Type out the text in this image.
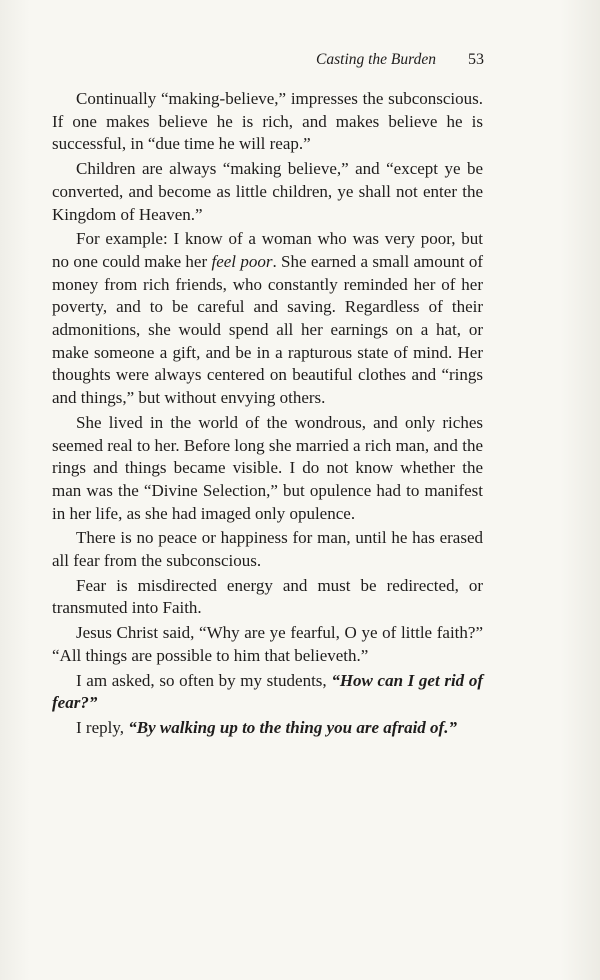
Casting the Burden 53

Continually “making-believe,” impresses the subconscious. If one makes believe he is rich, and makes believe he is successful, in “due time he will reap.”

Children are always “making believe,” and “except ye be converted, and become as little children, ye shall not enter the Kingdom of Heaven.”

For example: I know of a woman who was very poor, but no one could make her feel poor. She earned a small amount of money from rich friends, who constantly reminded her of her poverty, and to be careful and saving. Regardless of their admonitions, she would spend all her earnings on a hat, or make someone a gift, and be in a rapturous state of mind. Her thoughts were always centered on beautiful clothes and “rings and things,” but without envying others.

She lived in the world of the wondrous, and only riches seemed real to her. Before long she married a rich man, and the rings and things became visible. I do not know whether the man was the “Divine Selection,” but opulence had to manifest in her life, as she had imaged only opulence.

There is no peace or happiness for man, until he has erased all fear from the subconscious.

Fear is misdirected energy and must be redirected, or transmuted into Faith.

Jesus Christ said, “Why are ye fearful, O ye of little faith?” “All things are possible to him that believeth.”

I am asked, so often by my students, “How can I get rid of fear?”

I reply, “By walking up to the thing you are afraid of.”
